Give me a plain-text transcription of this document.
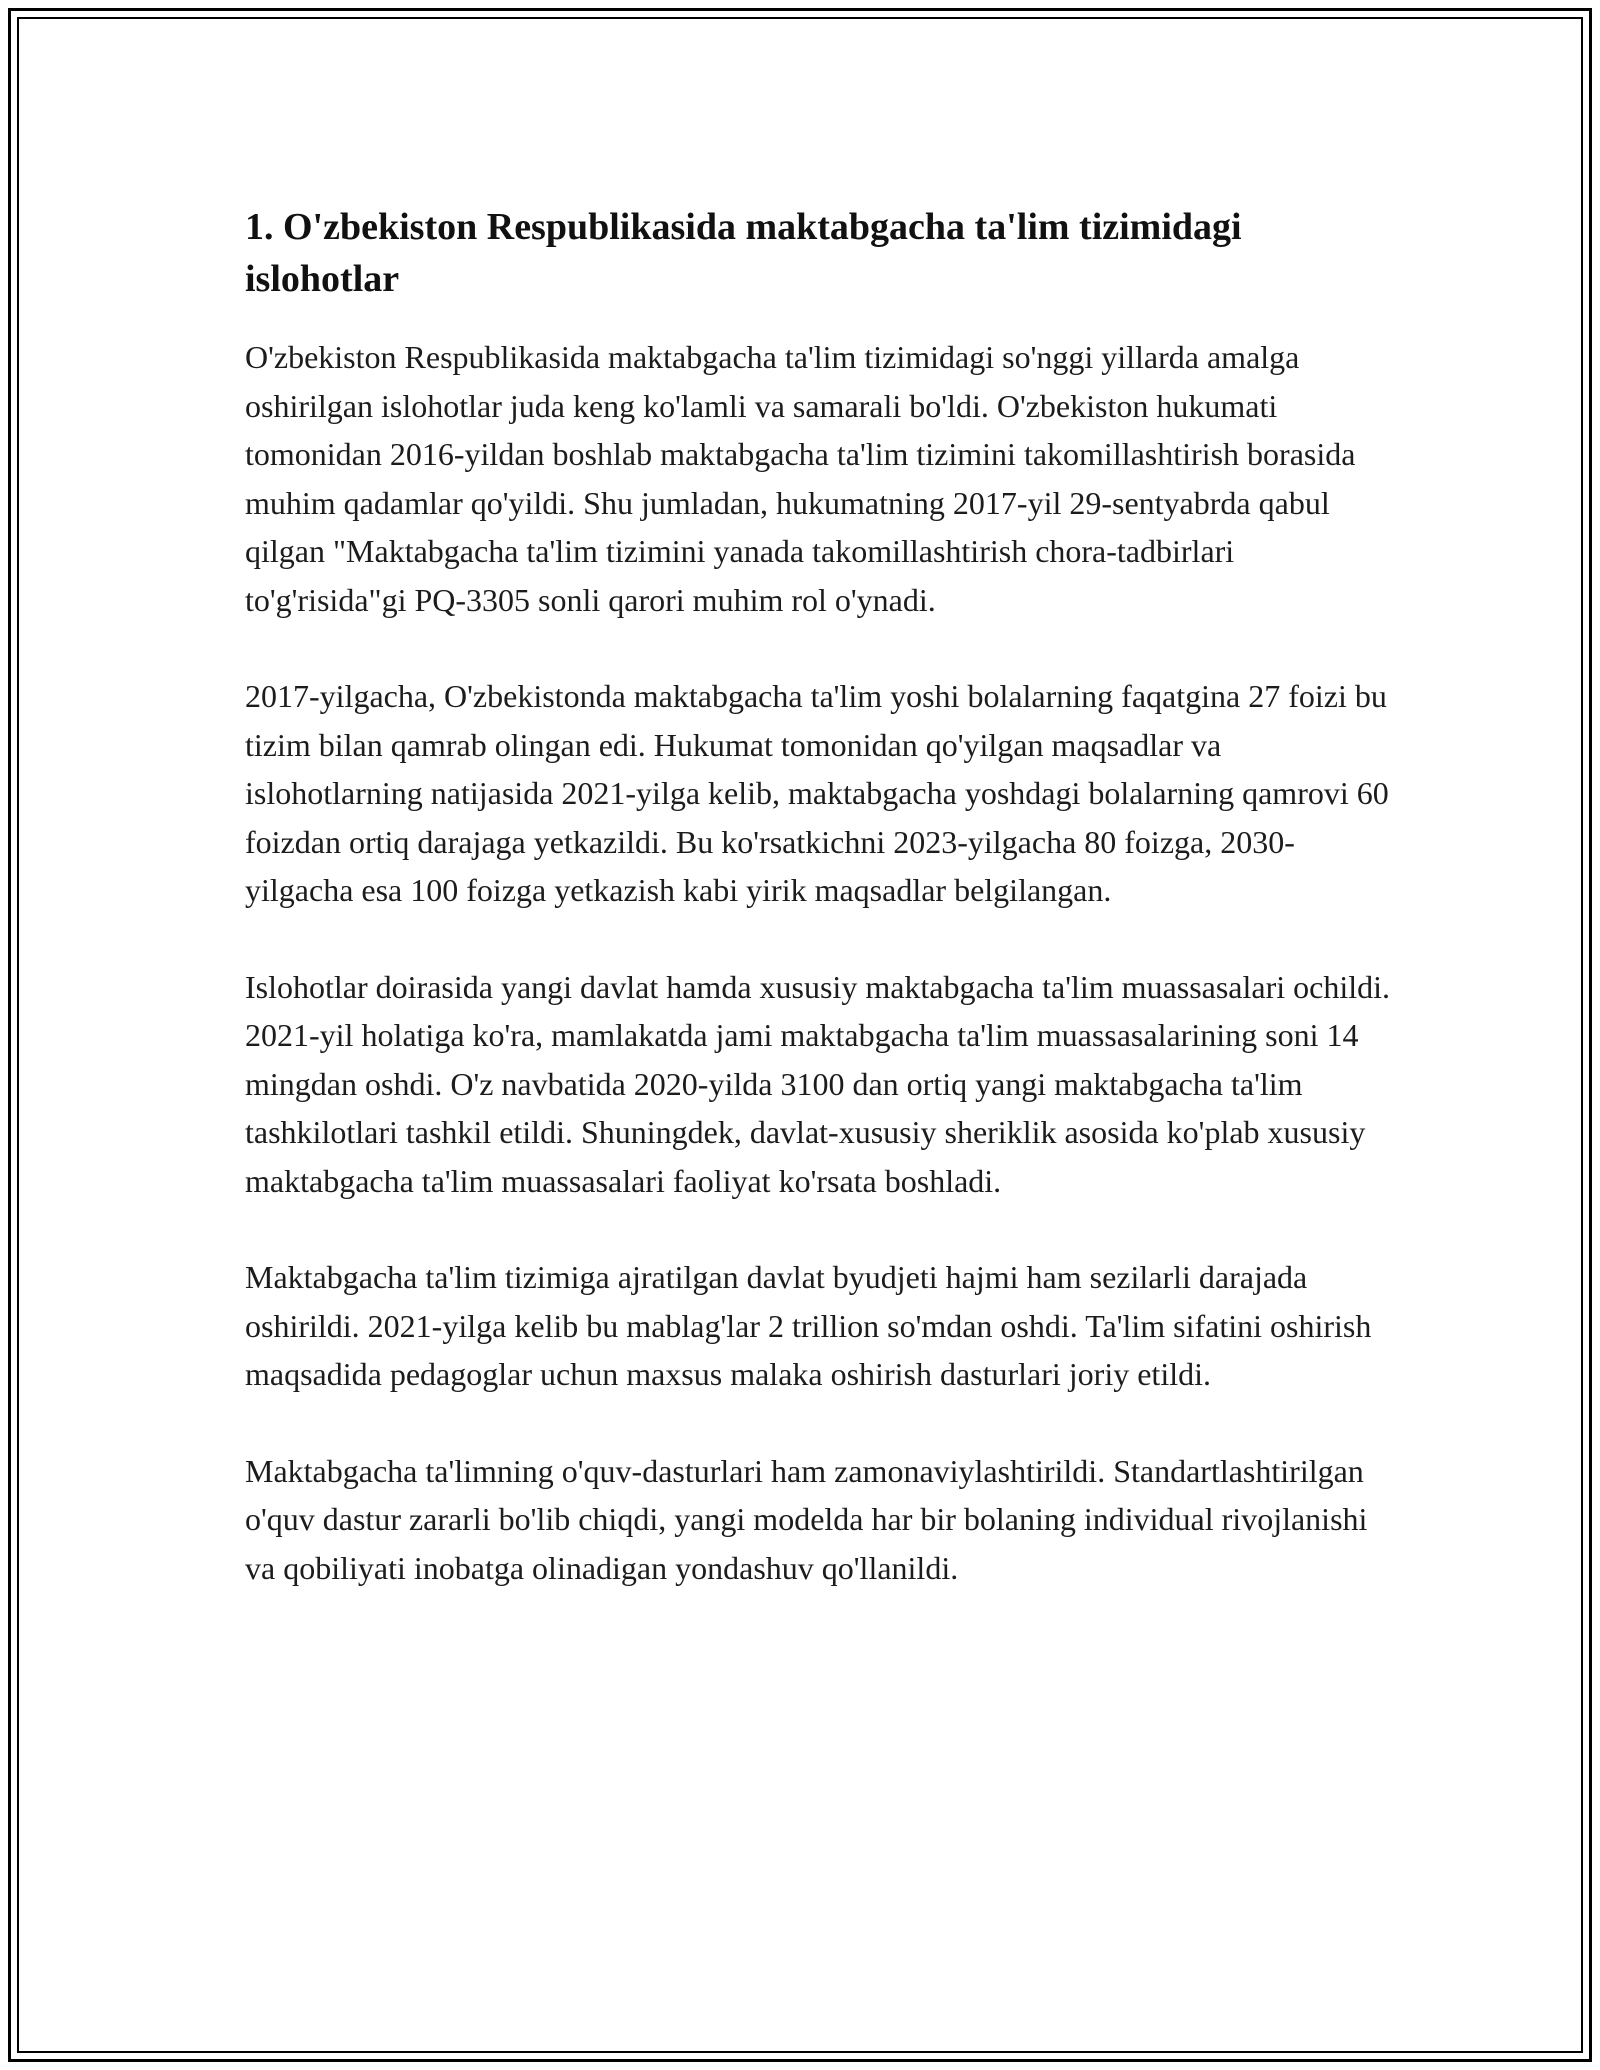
1. O'zbekiston Respublikasida maktabgacha ta'lim tizimidagi islohotlar

O'zbekiston Respublikasida maktabgacha ta'lim tizimidagi so'nggi yillarda amalga oshirilgan islohotlar juda keng ko'lamli va samarali bo'ldi. O'zbekiston hukumati tomonidan 2016-yildan boshlab maktabgacha ta'lim tizimini takomillashtirish borasida muhim qadamlar qo'yildi. Shu jumladan, hukumatning 2017-yil 29-sentyabrda qabul qilgan "Maktabgacha ta'lim tizimini yanada takomillashtirish chora-tadbirlari to'g'risida"gi PQ-3305 sonli qarori muhim rol o'ynadi.

2017-yilgacha, O'zbekistonda maktabgacha ta'lim yoshi bolalarning faqatgina 27 foizi bu tizim bilan qamrab olingan edi. Hukumat tomonidan qo'yilgan maqsadlar va islohotlarning natijasida 2021-yilga kelib, maktabgacha yoshdagi bolalarning qamrovi 60 foizdan ortiq darajaga yetkazildi. Bu ko'rsatkichni 2023-yilgacha 80 foizga, 2030-yilgacha esa 100 foizga yetkazish kabi yirik maqsadlar belgilangan.

Islohotlar doirasida yangi davlat hamda xususiy maktabgacha ta'lim muassasalari ochildi. 2021-yil holatiga ko'ra, mamlakatda jami maktabgacha ta'lim muassasalarining soni 14 mingdan oshdi. O'z navbatida 2020-yilda 3100 dan ortiq yangi maktabgacha ta'lim tashkilotlari tashkil etildi. Shuningdek, davlat-xususiy sheriklik asosida ko'plab xususiy maktabgacha ta'lim muassasalari faoliyat ko'rsata boshladi.

Maktabgacha ta'lim tizimiga ajratilgan davlat byudjeti hajmi ham sezilarli darajada oshirildi. 2021-yilga kelib bu mablag'lar 2 trillion so'mdan oshdi. Ta'lim sifatini oshirish maqsadida pedagoglar uchun maxsus malaka oshirish dasturlari joriy etildi.

Maktabgacha ta'limning o'quv-dasturlari ham zamonaviylashtirildi. Standartlashtirilgan o'quv dastur zararli bo'lib chiqdi, yangi modelda har bir bolaning individual rivojlanishi va qobiliyati inobatga olinadigan yondashuv qo'llanildi.
